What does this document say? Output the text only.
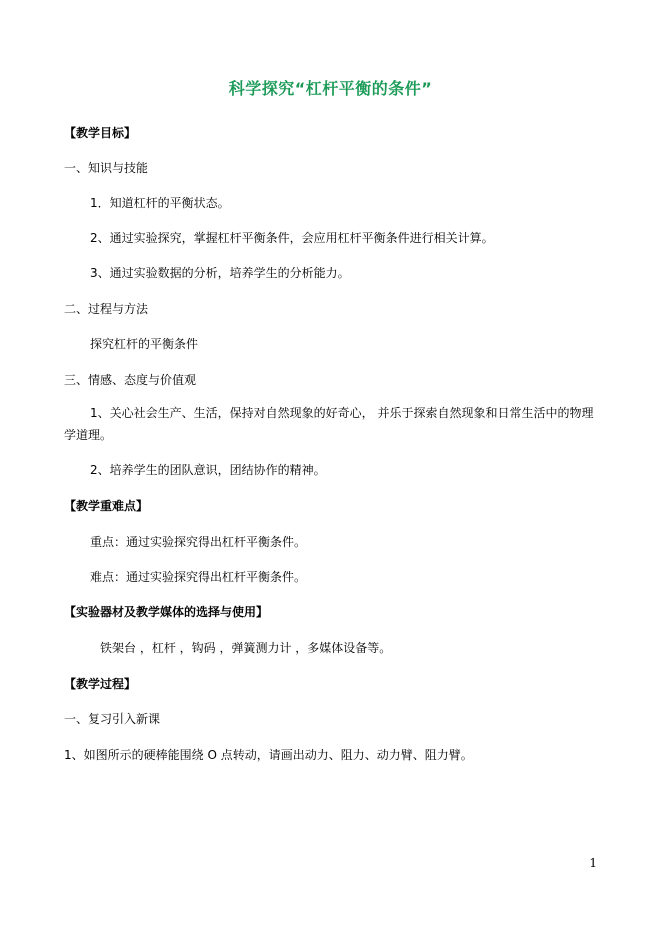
科学探究“杠杆平衡的条件”
【教学目标】
一、知识与技能
1．知道杠杆的平衡状态。
2、通过实验探究，掌握杠杆平衡条件，会应用杠杆平衡条件进行相关计算。
3、通过实验数据的分析，培养学生的分析能力。
二、过程与方法
探究杠杆的平衡条件
三、情感、态度与价值观
1、关心社会生产、生活，保持对自然现象的好奇心， 并乐于探索自然现象和日常生活中的物理学道理。
2、培养学生的团队意识，团结协作的精神。
【教学重难点】
重点：通过实验探究得出杠杆平衡条件。
难点：通过实验探究得出杠杆平衡条件。
【实验器材及教学媒体的选择与使用】
铁架台 ，杠杆 ，钩码 ，弹簧测力计 ，多媒体设备等。
【教学过程】
一、复习引入新课
1、如图所示的硬棒能围绕 O 点转动，请画出动力、阻力、动力臂、阻力臂。
1
